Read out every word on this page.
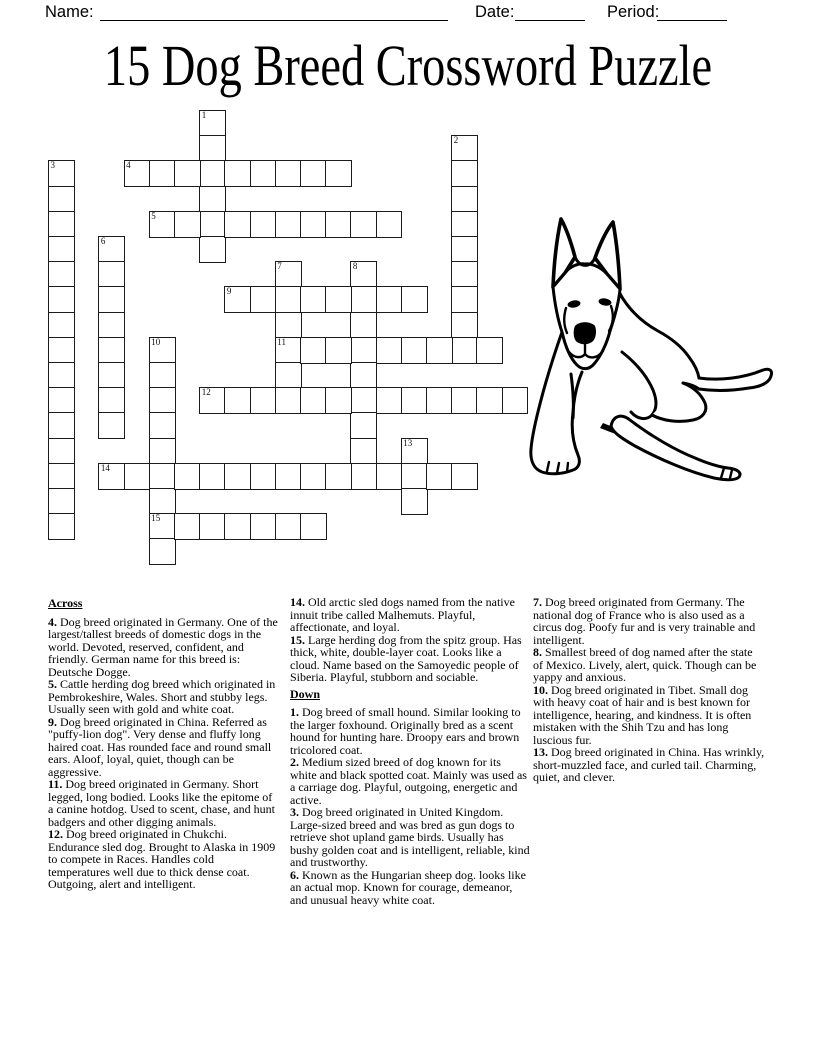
Name:	Date:	Period:
15 Dog Breed Crossword Puzzle
1
2
3	4
5
6
7
11
8
9
10
15
12
13
14
Across

4. Dog breed originated in Germany. One of the largest/tallest breeds of domestic dogs in the world. Devoted, reserved, confident, and friendly. German name for this breed is: Deutsche Dogge.

5. Cattle herding dog breed which originated in Pembrokeshire, Wales. Short and stubby legs. Usually seen with gold and white coat.

9. Dog breed originated in China. Referred as "puffy-lion dog". Very dense and fluffy long haired coat. Has rounded face and round small ears. Aloof, loyal, quiet, though can be aggressive.

11. Dog breed originated in Germany. Short legged, long bodied. Looks like the epitome of a canine hotdog. Used to scent, chase, and hunt badgers and other digging animals.

12. Dog breed originated in Chukchi. Endurance sled dog. Brought to Alaska in 1909 to compete in Races. Handles cold temperatures well due to thick dense coat. Outgoing, alert and intelligent.

14. Old arctic sled dogs named from the native innuit tribe called Malhemuts. Playful, affectionate, and loyal.

15. Large herding dog from the spitz group. Has thick, white, double-layer coat. Looks like a cloud. Name based on the Samoyedic people of Siberia. Playful, stubborn and sociable.

Down

1. Dog breed of small hound. Similar looking to the larger foxhound. Originally bred as a scent hound for hunting hare. Droopy ears and brown tricolored coat.

2. Medium sized breed of dog known for its white and black spotted coat. Mainly was used as a carriage dog. Playful, outgoing, energetic and active.

3. Dog breed originated in United Kingdom. Large-sized breed and was bred as gun dogs to retrieve shot upland game birds. Usually has bushy golden coat and is intelligent, reliable, kind and trustworthy.

6. Known as the Hungarian sheep dog. looks like an actual mop. Known for courage, demeanor, and unusual heavy white coat.

7. Dog breed originated from Germany. The national dog of France who is also used as a circus dog. Poofy fur and is very trainable and intelligent.

8. Smallest breed of dog named after the state of Mexico. Lively, alert, quick. Though can be yappy and anxious.

10. Dog breed originated in Tibet. Small dog with heavy coat of hair and is best known for intelligence, hearing, and kindness. It is often mistaken with the Shih Tzu and has long luscious fur.

13. Dog breed originated in China. Has wrinkly, short-muzzled face, and curled tail. Charming, quiet, and clever.
